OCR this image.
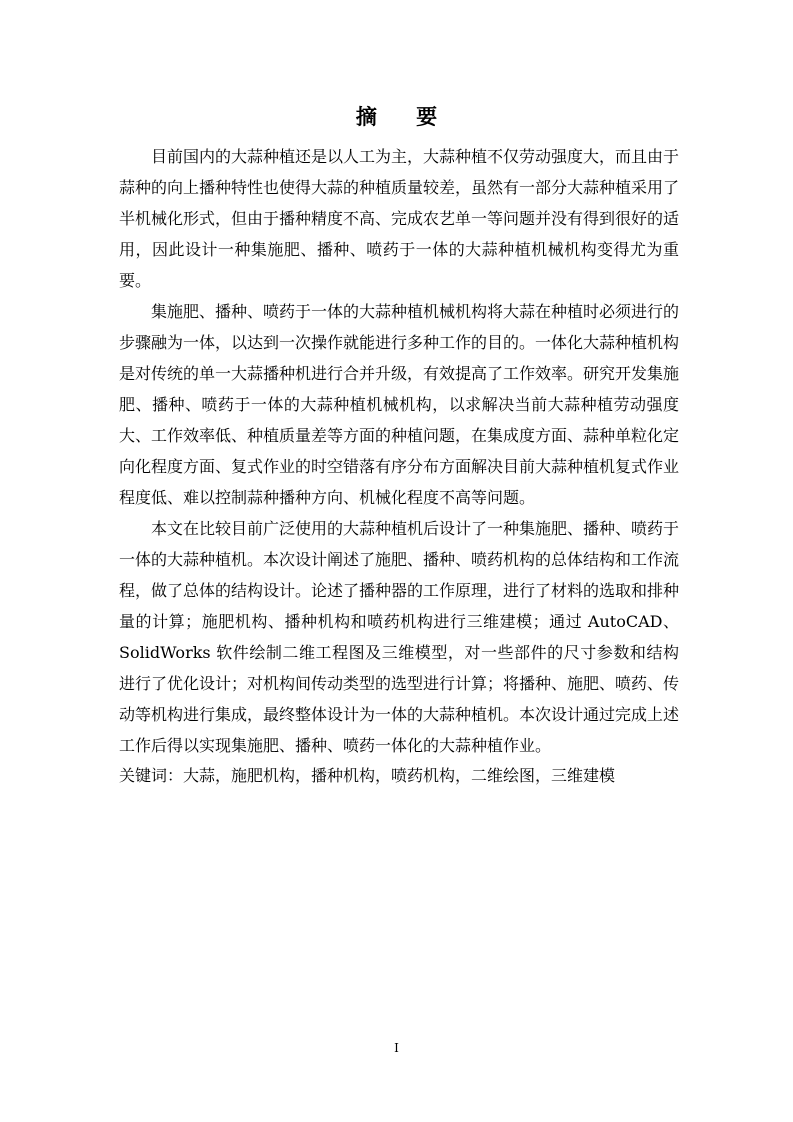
摘 要

目前国内的大蒜种植还是以人工为主，大蒜种植不仅劳动强度大，而且由于蒜种的向上播种特性也使得大蒜的种植质量较差，虽然有一部分大蒜种植采用了半机械化形式，但由于播种精度不高、完成农艺单一等问题并没有得到很好的适用，因此设计一种集施肥、播种、喷药于一体的大蒜种植机械机构变得尤为重要。

集施肥、播种、喷药于一体的大蒜种植机械机构将大蒜在种植时必须进行的步骤融为一体，以达到一次操作就能进行多种工作的目的。一体化大蒜种植机构是对传统的单一大蒜播种机进行合并升级，有效提高了工作效率。研究开发集施肥、播种、喷药于一体的大蒜种植机械机构，以求解决当前大蒜种植劳动强度大、工作效率低、种植质量差等方面的种植问题，在集成度方面、蒜种单粒化定向化程度方面、复式作业的时空错落有序分布方面解决目前大蒜种植机复式作业程度低、难以控制蒜种播种方向、机械化程度不高等问题。

本文在比较目前广泛使用的大蒜种植机后设计了一种集施肥、播种、喷药于一体的大蒜种植机。本次设计阐述了施肥、播种、喷药机构的总体结构和工作流程，做了总体的结构设计。论述了播种器的工作原理，进行了材料的选取和排种量的计算；施肥机构、播种机构和喷药机构进行三维建模；通过 AutoCAD、SolidWorks 软件绘制二维工程图及三维模型，对一些部件的尺寸参数和结构进行了优化设计；对机构间传动类型的选型进行计算；将播种、施肥、喷药、传动等机构进行集成，最终整体设计为一体的大蒜种植机。本次设计通过完成上述工作后得以实现集施肥、播种、喷药一体化的大蒜种植作业。

关键词：大蒜，施肥机构，播种机构，喷药机构，二维绘图，三维建模
I
